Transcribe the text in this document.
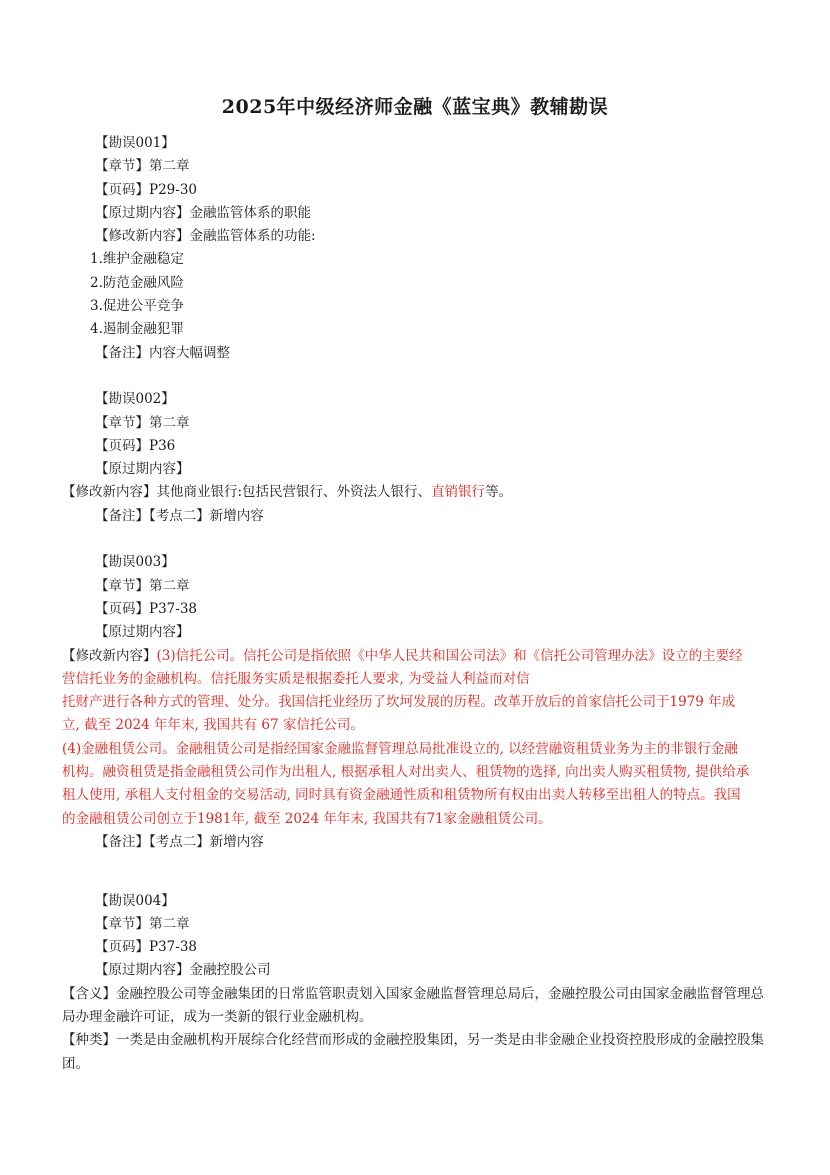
2025年中级经济师金融《蓝宝典》教辅勘误
【勘误001】
【章节】第二章
【页码】P29-30
【原过期内容】金融监管体系的职能
【修改新内容】金融监管体系的功能:
1.维护金融稳定
2.防范金融风险
3.促进公平竞争
4.遏制金融犯罪
【备注】内容大幅调整
【勘误002】
【章节】第二章
【页码】P36
【原过期内容】
【修改新内容】其他商业银行:包括民营银行、外资法人银行、直销银行等。
【备注】【考点二】新增内容
【勘误003】
【章节】第二章
【页码】P37-38
【原过期内容】
【修改新内容】(3)信托公司。信托公司是指依照《中华人民共和国公司法》和《信托公司管理办法》设立的主要经
营信托业务的金融机构。信托服务实质是根据委托人要求, 为受益人利益而对信
托财产进行各种方式的管理、处分。我国信托业经历了坎坷发展的历程。改革开放后的首家信托公司于1979 年成
立, 截至 2024 年年末, 我国共有 67 家信托公司。
(4)金融租赁公司。金融租赁公司是指经国家金融监督管理总局批准设立的, 以经营融资租赁业务为主的非银行金融
机构。融资租赁是指金融租赁公司作为出租人, 根据承租人对出卖人、租赁物的选择, 向出卖人购买租赁物, 提供给承
租人使用, 承租人支付租金的交易活动, 同时具有资金融通性质和租赁物所有权由出卖人转移至出租人的特点。我国
的金融租赁公司创立于1981年, 截至 2024 年年末, 我国共有71家金融租赁公司。
【备注】【考点二】新增内容
【勘误004】
【章节】第二章
【页码】P37-38
【原过期内容】金融控股公司
【含义】金融控股公司等金融集团的日常监管职责划入国家金融监督管理总局后，金融控股公司由国家金融监督管理总局办理金融许可证，成为一类新的银行业金融机构。
【种类】一类是由金融机构开展综合化经营而形成的金融控股集团，另一类是由非金融企业投资控股形成的金融控股集团。
